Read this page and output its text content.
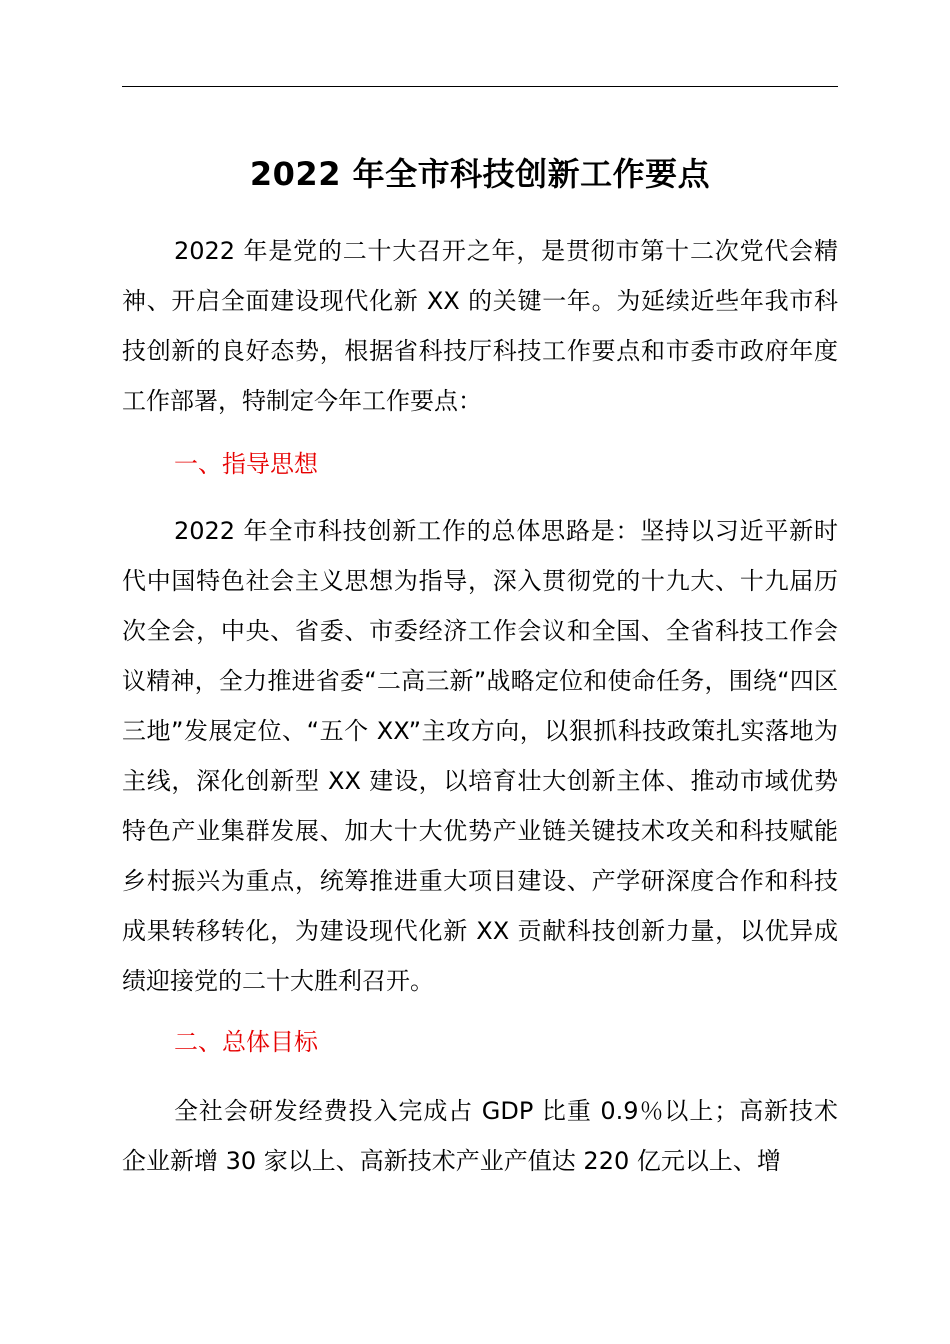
2022 年全市科技创新工作要点

2022 年是党的二十大召开之年，是贯彻市第十二次党代会精神、开启全面建设现代化新 XX 的关键一年。为延续近些年我市科技创新的良好态势，根据省科技厅科技工作要点和市委市政府年度工作部署，特制定今年工作要点：

一、指导思想

2022 年全市科技创新工作的总体思路是：坚持以习近平新时代中国特色社会主义思想为指导，深入贯彻党的十九大、十九届历次全会，中央、省委、市委经济工作会议和全国、全省科技工作会议精神，全力推进省委“二高三新”战略定位和使命任务，围绕“四区三地”发展定位、“五个 XX”主攻方向，以狠抓科技政策扎实落地为主线，深化创新型 XX 建设，以培育壮大创新主体、推动市域优势特色产业集群发展、加大十大优势产业链关键技术攻关和科技赋能乡村振兴为重点，统筹推进重大项目建设、产学研深度合作和科技成果转移转化，为建设现代化新 XX 贡献科技创新力量，以优异成绩迎接党的二十大胜利召开。

二、总体目标

全社会研发经费投入完成占 GDP 比重 0.9％以上；高新技术企业新增 30 家以上、高新技术产业产值达 220 亿元以上、增
